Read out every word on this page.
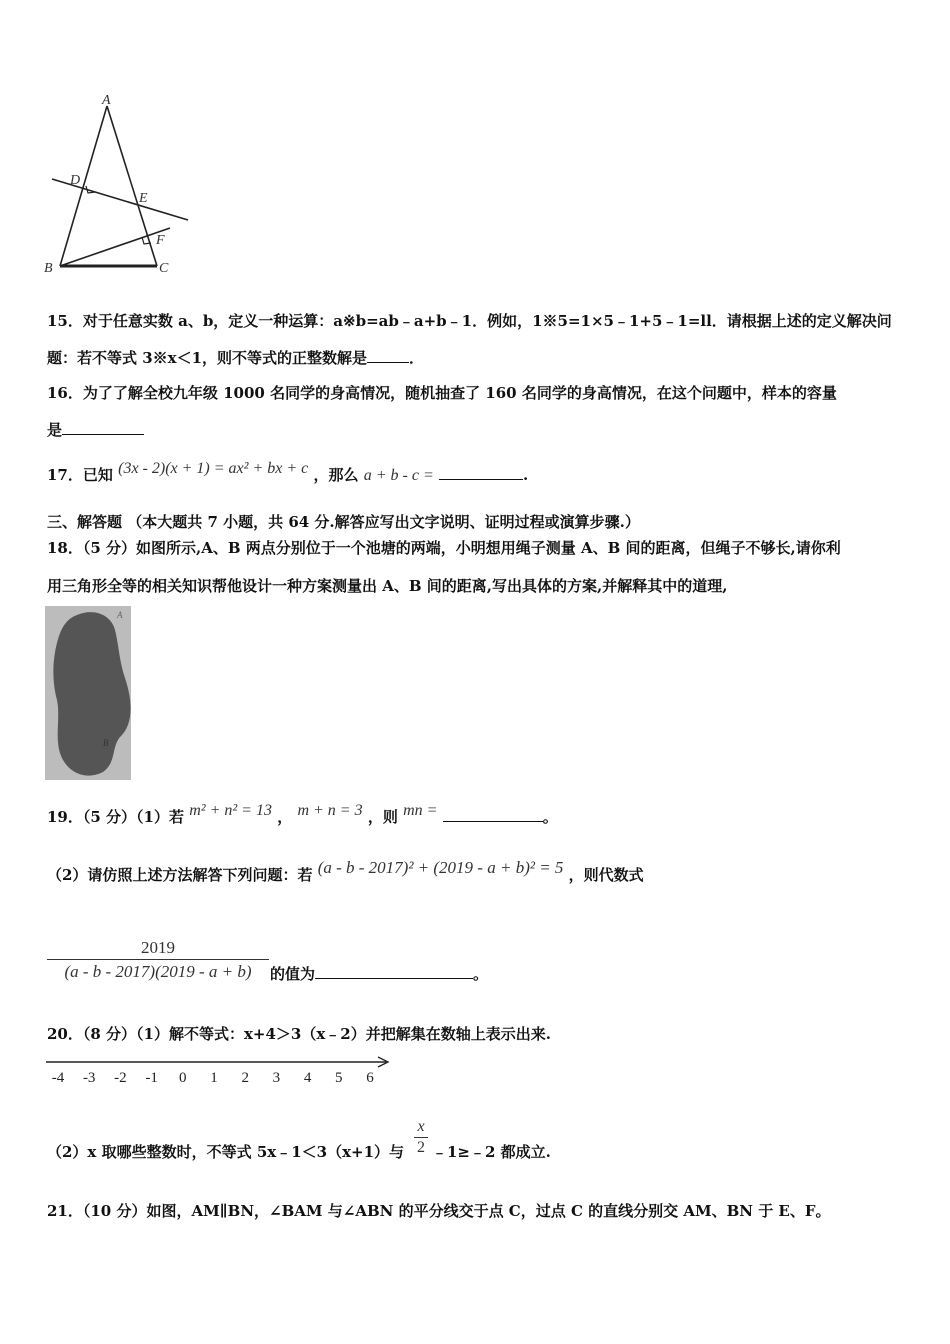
A
D
E
F
B	C
15．对于任意实数 a、b，定义一种运算：a※b=ab﹣a+b﹣1．例如，1※5=1×5﹣1+5﹣1=ll．请根据上述的定义解决问
题：若不等式 3※x＜1，则不等式的正整数解是	．
16．为了了解全校九年级 1000 名同学的身高情况，随机抽查了 160 名同学的身高情况，在这个问题中，样本的容量
是
17．已知 (3x - 2)(x + 1) = ax² + bx + c ，那么 a + b - c =	.
三、解答题 （本大题共 7 小题，共 64 分.解答应写出文字说明、证明过程或演算步骤.）
18．（5 分）如图所示,A、B 两点分别位于一个池塘的两端，小明想用绳子测量 A、B 间的距离，但绳子不够长,请你利
用三角形全等的相关知识帮他设计一种方案测量出 A、B 间的距离,写出具体的方案,并解释其中的道理,
A
B
19．（5 分）（1）若 m² + n² = 13 ， m + n = 3 ，则 mn =	。
（2）请仿照上述方法解答下列问题：若 (a - b - 2017)² + (2019 - a + b)² = 5 ，则代数式
2019
(a - b - 2017)(2019 - a + b)	的值为	。
20．（8 分）（1）解不等式：x+4＞3（x﹣2）并把解集在数轴上表示出来.
-4 -3 -2 -1 0 1 2 3 4 5 6
（2）x 取哪些整数时，不等式 5x﹣1＜3（x+1）与
x
2 ﹣1≥﹣2 都成立.
21．（10 分）如图，AM∥BN，∠BAM 与∠ABN 的平分线交于点 C，过点 C 的直线分别交 AM、BN 于 E、F。
